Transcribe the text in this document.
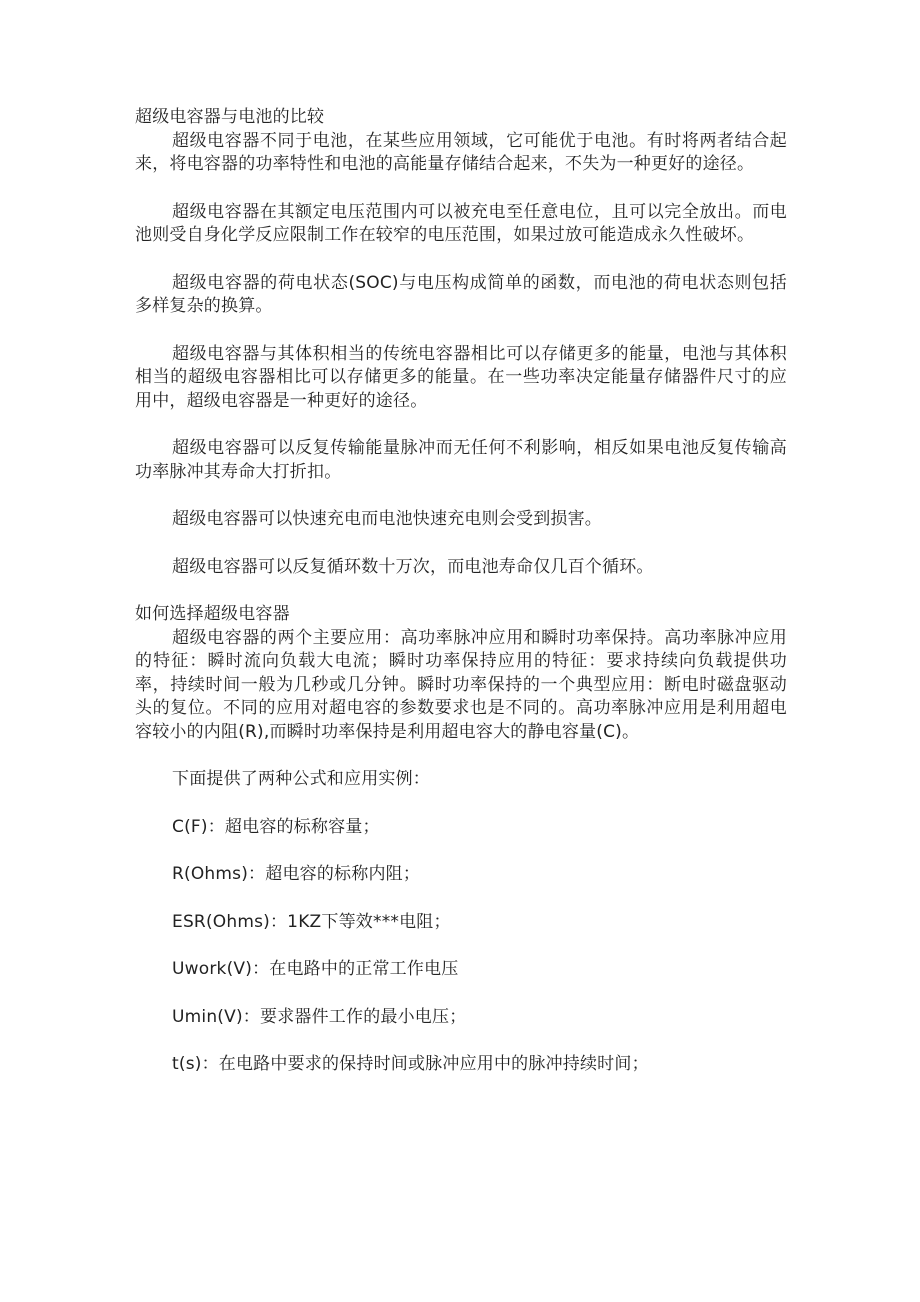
超级电容器与电池的比较

超级电容器不同于电池，在某些应用领域，它可能优于电池。有时将两者结合起来，将电容器的功率特性和电池的高能量存储结合起来，不失为一种更好的途径。

超级电容器在其额定电压范围内可以被充电至任意电位，且可以完全放出。而电池则受自身化学反应限制工作在较窄的电压范围，如果过放可能造成永久性破坏。

超级电容器的荷电状态(SOC)与电压构成简单的函数，而电池的荷电状态则包括多样复杂的换算。

超级电容器与其体积相当的传统电容器相比可以存储更多的能量，电池与其体积相当的超级电容器相比可以存储更多的能量。在一些功率决定能量存储器件尺寸的应用中，超级电容器是一种更好的途径。

超级电容器可以反复传输能量脉冲而无任何不利影响，相反如果电池反复传输高功率脉冲其寿命大打折扣。

超级电容器可以快速充电而电池快速充电则会受到损害。

超级电容器可以反复循环数十万次，而电池寿命仅几百个循环。

如何选择超级电容器

超级电容器的两个主要应用：高功率脉冲应用和瞬时功率保持。高功率脉冲应用的特征：瞬时流向负载大电流；瞬时功率保持应用的特征：要求持续向负载提供功率，持续时间一般为几秒或几分钟。瞬时功率保持的一个典型应用：断电时磁盘驱动头的复位。不同的应用对超电容的参数要求也是不同的。高功率脉冲应用是利用超电容较小的内阻(R),而瞬时功率保持是利用超电容大的静电容量(C)。

下面提供了两种公式和应用实例：

C(F)：超电容的标称容量；

R(Ohms)：超电容的标称内阻；

ESR(Ohms)：1KZ下等效***电阻；

Uwork(V)：在电路中的正常工作电压

Umin(V)：要求器件工作的最小电压；

t(s)：在电路中要求的保持时间或脉冲应用中的脉冲持续时间；
